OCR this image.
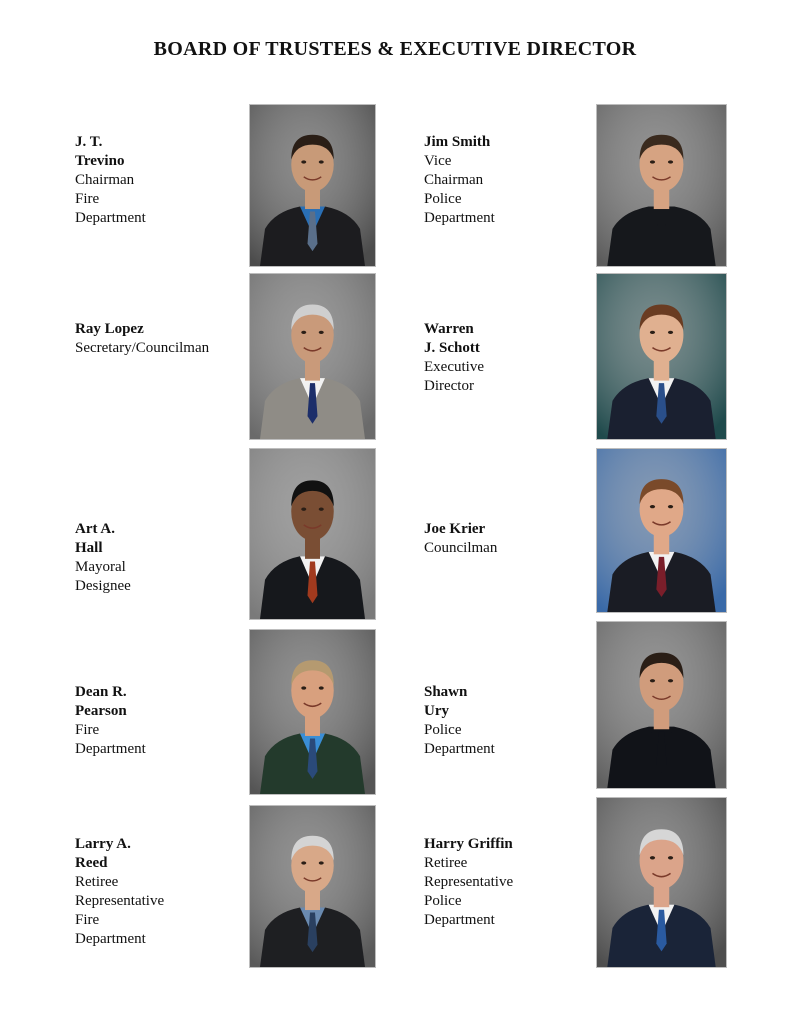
BOARD OF TRUSTEES & EXECUTIVE DIRECTOR
J. T. Trevino
Chairman
Fire Department
Jim Smith
Vice Chairman
Police Department
Ray Lopez
Secretary/Councilman
Warren J. Schott
Executive Director
Art A. Hall
Mayoral Designee
Joe Krier
Councilman
Dean R. Pearson
Fire Department
Shawn Ury
Police Department
Larry A. Reed
Retiree Representative
Fire Department
Harry Griffin
Retiree Representative
Police Department
